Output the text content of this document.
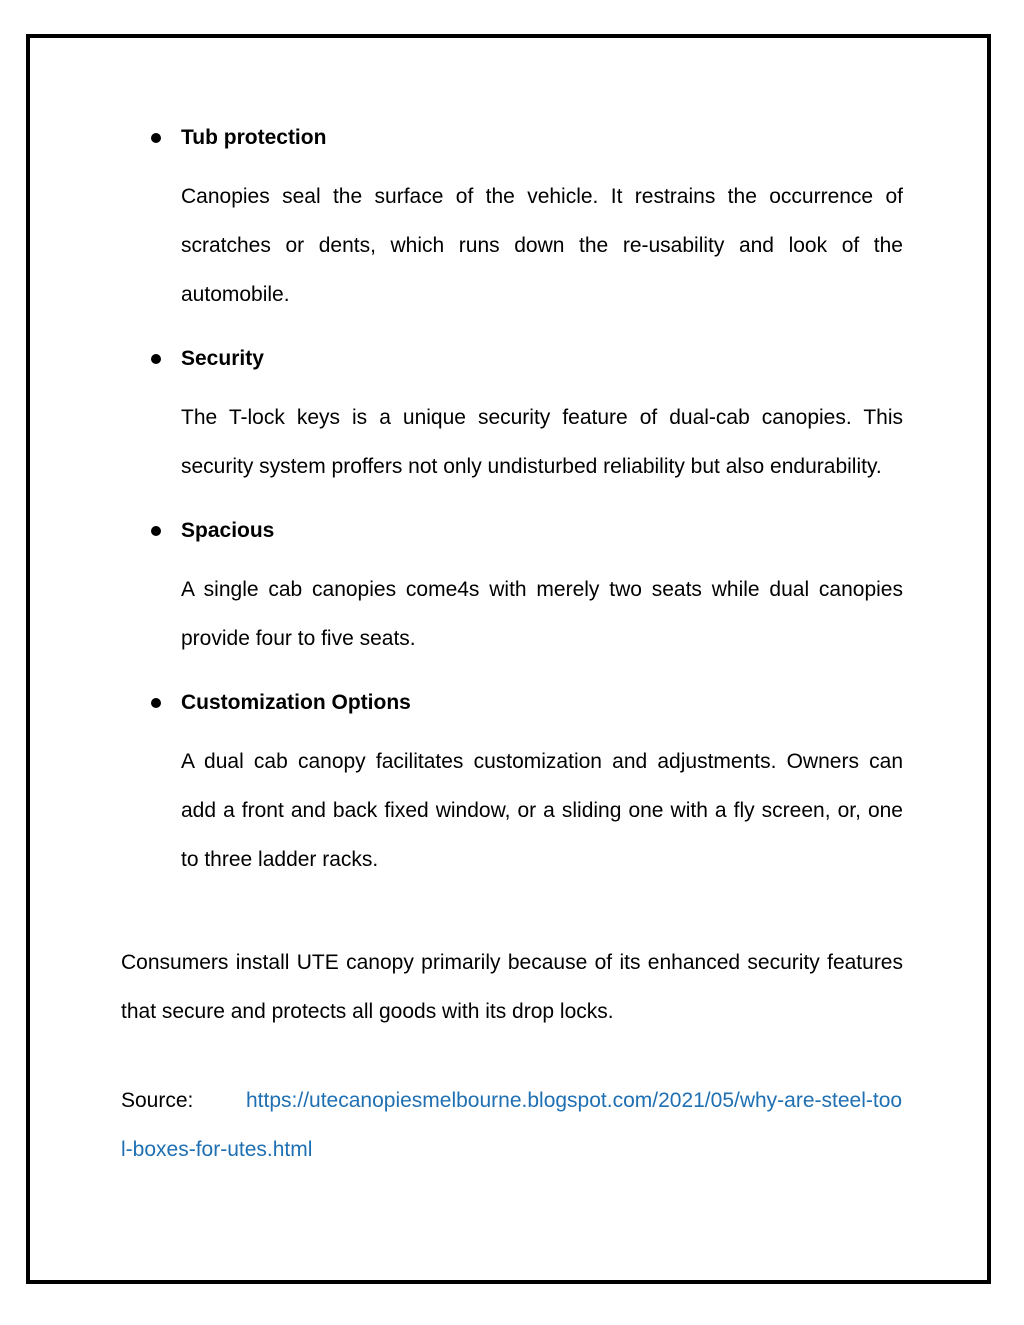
Tub protection

Canopies seal the surface of the vehicle. It restrains the occurrence of scratches or dents, which runs down the re-usability and look of the automobile.

Security

The T-lock keys is a unique security feature of dual-cab canopies. This security system proffers not only undisturbed reliability but also endurability.

Spacious

A single cab canopies come4s with merely two seats while dual canopies provide four to five seats.

Customization Options

A dual cab canopy facilitates customization and adjustments. Owners can add a front and back fixed window, or a sliding one with a fly screen, or, one to three ladder racks.

Consumers install UTE canopy primarily because of its enhanced security features that secure and protects all goods with its drop locks.

Source:	https://utecanopiesmelbourne.blogspot.com/2021/05/why-are-steel-tool-boxes-for-utes.html
